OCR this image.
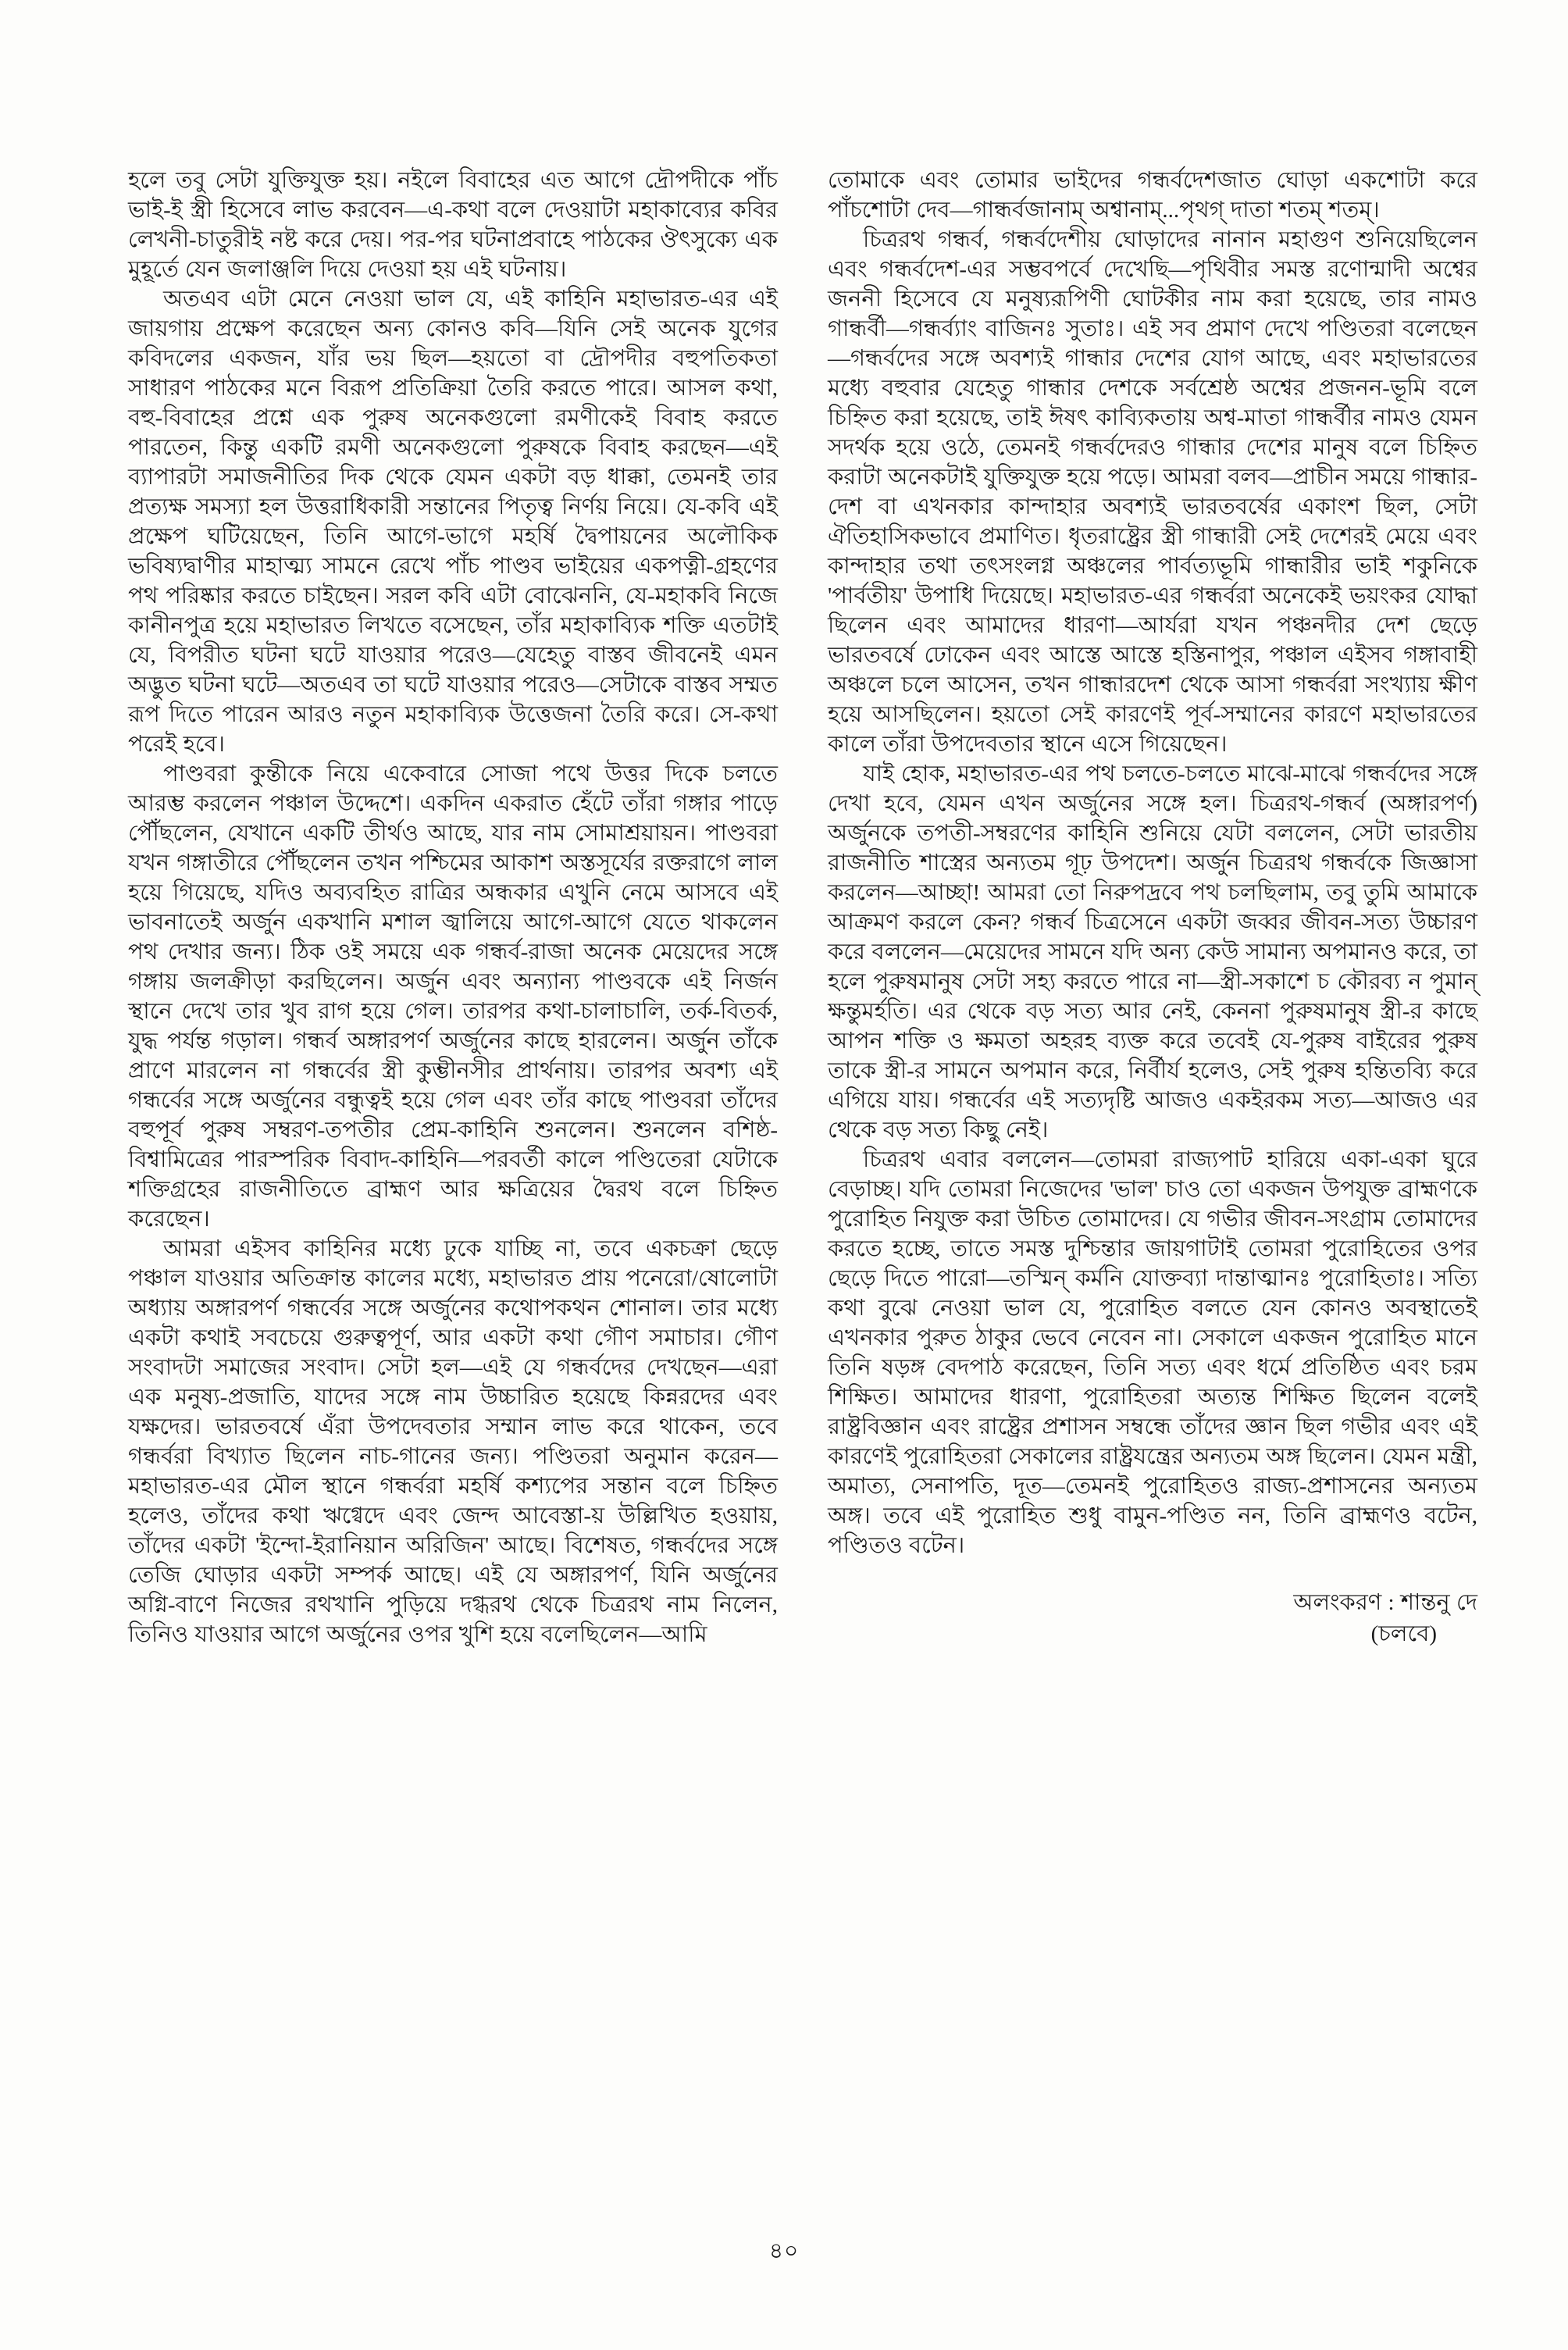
হলে তবু সেটা যুক্তিযুক্ত হয়। নইলে বিবাহের এত আগে দ্রৌপদীকে পাঁচ ভাই-ই স্ত্রী হিসেবে লাভ করবেন—এ-কথা বলে দেওয়াটা মহাকাব্যের কবির লেখনী-চাতুরীই নষ্ট করে দেয়। পর-পর ঘটনাপ্রবাহে পাঠকের ঔৎসুক্যে এক মুহূর্তে যেন জলাঞ্জলি দিয়ে দেওয়া হয় এই ঘটনায়।

অতএব এটা মেনে নেওয়া ভাল যে, এই কাহিনি মহাভারত-এর এই জায়গায় প্রক্ষেপ করেছেন অন্য কোনও কবি—যিনি সেই অনেক যুগের কবিদলের একজন, যাঁর ভয় ছিল—হয়তো বা দ্রৌপদীর বহুপতিকতা সাধারণ পাঠকের মনে বিরূপ প্রতিক্রিয়া তৈরি করতে পারে। আসল কথা, বহু-বিবাহের প্রশ্নে এক পুরুষ অনেকগুলো রমণীকেই বিবাহ করতে পারতেন, কিন্তু একটি রমণী অনেকগুলো পুরুষকে বিবাহ করছেন—এই ব্যাপারটা সমাজনীতির দিক থেকে যেমন একটা বড় ধাক্কা, তেমনই তার প্রত্যক্ষ সমস্যা হল উত্তরাধিকারী সন্তানের পিতৃত্ব নির্ণয় নিয়ে। যে-কবি এই প্রক্ষেপ ঘটিয়েছেন, তিনি আগে-ভাগে মহর্ষি দ্বৈপায়নের অলৌকিক ভবিষ্যদ্বাণীর মাহাত্ম্য সামনে রেখে পাঁচ পাণ্ডব ভাইয়ের একপত্নী-গ্রহণের পথ পরিষ্কার করতে চাইছেন। সরল কবি এটা বোঝেননি, যে-মহাকবি নিজে কানীনপুত্র হয়ে মহাভারত লিখতে বসেছেন, তাঁর মহাকাব্যিক শক্তি এতটাই যে, বিপরীত ঘটনা ঘটে যাওয়ার পরেও—যেহেতু বাস্তব জীবনেই এমন অদ্ভুত ঘটনা ঘটে—অতএব তা ঘটে যাওয়ার পরেও—সেটাকে বাস্তব সম্মত রূপ দিতে পারেন আরও নতুন মহাকাব্যিক উত্তেজনা তৈরি করে। সে-কথা পরেই হবে।

পাণ্ডবরা কুন্তীকে নিয়ে একেবারে সোজা পথে উত্তর দিকে চলতে আরম্ভ করলেন পঞ্চাল উদ্দেশে। একদিন একরাত হেঁটে তাঁরা গঙ্গার পাড়ে পৌঁছলেন, যেখানে একটি তীর্থও আছে, যার নাম সোমাশ্রয়ায়ন। পাণ্ডবরা যখন গঙ্গাতীরে পৌঁছলেন তখন পশ্চিমের আকাশ অস্তসূর্যের রক্তরাগে লাল হয়ে গিয়েছে, যদিও অব্যবহিত রাত্রির অন্ধকার এখুনি নেমে আসবে এই ভাবনাতেই অর্জুন একখানি মশাল জ্বালিয়ে আগে-আগে যেতে থাকলেন পথ দেখার জন্য। ঠিক ওই সময়ে এক গন্ধর্ব-রাজা অনেক মেয়েদের সঙ্গে গঙ্গায় জলক্রীড়া করছিলেন। অর্জুন এবং অন্যান্য পাণ্ডবকে এই নির্জন স্থানে দেখে তার খুব রাগ হয়ে গেল। তারপর কথা-চালাচালি, তর্ক-বিতর্ক, যুদ্ধ পর্যন্ত গড়াল। গন্ধর্ব অঙ্গারপর্ণ অর্জুনের কাছে হারলেন। অর্জুন তাঁকে প্রাণে মারলেন না গন্ধর্বের স্ত্রী কুম্ভীনসীর প্রার্থনায়। তারপর অবশ্য এই গন্ধর্বের সঙ্গে অর্জুনের বন্ধুত্বই হয়ে গেল এবং তাঁর কাছে পাণ্ডবরা তাঁদের বহুপূর্ব পুরুষ সম্বরণ-তপতীর প্রেম-কাহিনি শুনলেন। শুনলেন বশিষ্ঠ-বিশ্বামিত্রের পারস্পরিক বিবাদ-কাহিনি—পরবর্তী কালে পণ্ডিতেরা যেটাকে শক্তিগ্রহের রাজনীতিতে ব্রাহ্মণ আর ক্ষত্রিয়ের দ্বৈরথ বলে চিহ্নিত করেছেন।

আমরা এইসব কাহিনির মধ্যে ঢুকে যাচ্ছি না, তবে একচক্রা ছেড়ে পঞ্চাল যাওয়ার অতিক্রান্ত কালের মধ্যে, মহাভারত প্রায় পনেরো/ষোলোটা অধ্যায় অঙ্গারপর্ণ গন্ধর্বের সঙ্গে অর্জুনের কথোপকথন শোনাল। তার মধ্যে একটা কথাই সবচেয়ে গুরুত্বপূর্ণ, আর একটা কথা গৌণ সমাচার। গৌণ সংবাদটা সমাজের সংবাদ। সেটা হল—এই যে গন্ধর্বদের দেখছেন—এরা এক মনুষ্য-প্রজাতি, যাদের সঙ্গে নাম উচ্চারিত হয়েছে কিন্নরদের এবং যক্ষদের। ভারতবর্ষে এঁরা উপদেবতার সম্মান লাভ করে থাকেন, তবে গন্ধর্বরা বিখ্যাত ছিলেন নাচ-গানের জন্য। পণ্ডিতরা অনুমান করেন—মহাভারত-এর মৌল স্থানে গন্ধর্বরা মহর্ষি কশ্যপের সন্তান বলে চিহ্নিত হলেও, তাঁদের কথা ঋগ্বেদে এবং জেন্দ আবেস্তা-য় উল্লিখিত হওয়ায়, তাঁদের একটা 'ইন্দো-ইরানিয়ান অরিজিন' আছে। বিশেষত, গন্ধর্বদের সঙ্গে তেজি ঘোড়ার একটা সম্পর্ক আছে। এই যে অঙ্গারপর্ণ, যিনি অর্জুনের অগ্নি-বাণে নিজের রথখানি পুড়িয়ে দগ্ধরথ থেকে চিত্ররথ নাম নিলেন, তিনিও যাওয়ার আগে অর্জুনের ওপর খুশি হয়ে বলেছিলেন—আমি

তোমাকে এবং তোমার ভাইদের গন্ধর্বদেশজাত ঘোড়া একশোটা করে পাঁচশোটা দেব—গান্ধর্বজানাম্ অশ্বানাম্...পৃথগ্ দাতা শতম্ শতম্।

চিত্ররথ গন্ধর্ব, গন্ধর্বদেশীয় ঘোড়াদের নানান মহাগুণ শুনিয়েছিলেন এবং গন্ধর্বদেশ-এর সম্ভবপর্বে দেখেছি—পৃথিবীর সমস্ত রণোন্মাদী অশ্বের জননী হিসেবে যে মনুষ্যরূপিণী ঘোটকীর নাম করা হয়েছে, তার নামও গান্ধর্বী—গন্ধর্ব্যাং বাজিনঃ সুতাঃ। এই সব প্রমাণ দেখে পণ্ডিতরা বলেছেন—গন্ধর্বদের সঙ্গে অবশ্যই গান্ধার দেশের যোগ আছে, এবং মহাভারতের মধ্যে বহুবার যেহেতু গান্ধার দেশকে সর্বশ্রেষ্ঠ অশ্বের প্রজনন-ভূমি বলে চিহ্নিত করা হয়েছে, তাই ঈষৎ কাব্যিকতায় অশ্ব-মাতা গান্ধর্বীর নামও যেমন সদর্থক হয়ে ওঠে, তেমনই গন্ধর্বদেরও গান্ধার দেশের মানুষ বলে চিহ্নিত করাটা অনেকটাই যুক্তিযুক্ত হয়ে পড়ে। আমরা বলব—প্রাচীন সময়ে গান্ধার-দেশ বা এখনকার কান্দাহার অবশ্যই ভারতবর্ষের একাংশ ছিল, সেটা ঐতিহাসিকভাবে প্রমাণিত। ধৃতরাষ্ট্রের স্ত্রী গান্ধারী সেই দেশেরই মেয়ে এবং কান্দাহার তথা তৎসংলগ্ন অঞ্চলের পার্বত্যভূমি গান্ধারীর ভাই শকুনিকে 'পার্বতীয়' উপাধি দিয়েছে। মহাভারত-এর গন্ধর্বরা অনেকেই ভয়ংকর যোদ্ধা ছিলেন এবং আমাদের ধারণা—আর্যরা যখন পঞ্চনদীর দেশ ছেড়ে ভারতবর্ষে ঢোকেন এবং আস্তে আস্তে হস্তিনাপুর, পঞ্চাল এইসব গঙ্গাবাহী অঞ্চলে চলে আসেন, তখন গান্ধারদেশ থেকে আসা গন্ধর্বরা সংখ্যায় ক্ষীণ হয়ে আসছিলেন। হয়তো সেই কারণেই পূর্ব-সম্মানের কারণে মহাভারতের কালে তাঁরা উপদেবতার স্থানে এসে গিয়েছেন।

যাই হোক, মহাভারত-এর পথ চলতে-চলতে মাঝে-মাঝে গন্ধর্বদের সঙ্গে দেখা হবে, যেমন এখন অর্জুনের সঙ্গে হল। চিত্ররথ-গন্ধর্ব (অঙ্গারপর্ণ) অর্জুনকে তপতী-সম্বরণের কাহিনি শুনিয়ে যেটা বললেন, সেটা ভারতীয় রাজনীতি শাস্ত্রের অন্যতম গূঢ় উপদেশ। অর্জুন চিত্ররথ গন্ধর্বকে জিজ্ঞাসা করলেন—আচ্ছা! আমরা তো নিরুপদ্রবে পথ চলছিলাম, তবু তুমি আমাকে আক্রমণ করলে কেন? গন্ধর্ব চিত্রসেনে একটা জব্বর জীবন-সত্য উচ্চারণ করে বললেন—মেয়েদের সামনে যদি অন্য কেউ সামান্য অপমানও করে, তা হলে পুরুষমানুষ সেটা সহ্য করতে পারে না—স্ত্রী-সকাশে চ কৌরব্য ন পুমান্ ক্ষন্তুমর্হতি। এর থেকে বড় সত্য আর নেই, কেননা পুরুষমানুষ স্ত্রী-র কাছে আপন শক্তি ও ক্ষমতা অহরহ ব্যক্ত করে তবেই যে-পুরুষ বাইরের পুরুষ তাকে স্ত্রী-র সামনে অপমান করে, নির্বীর্য হলেও, সেই পুরুষ হন্তিতব্যি করে এগিয়ে যায়। গন্ধর্বের এই সত্যদৃষ্টি আজও একইরকম সত্য—আজও এর থেকে বড় সত্য কিছু নেই।

চিত্ররথ এবার বললেন—তোমরা রাজ্যপাট হারিয়ে একা-একা ঘুরে বেড়াচ্ছ। যদি তোমরা নিজেদের 'ভাল' চাও তো একজন উপযুক্ত ব্রাহ্মণকে পুরোহিত নিযুক্ত করা উচিত তোমাদের। যে গভীর জীবন-সংগ্রাম তোমাদের করতে হচ্ছে, তাতে সমস্ত দুশ্চিন্তার জায়গাটাই তোমরা পুরোহিতের ওপর ছেড়ে দিতে পারো—তস্মিন্ কর্মনি যোক্তব্যা দান্তাত্মানঃ পুরোহিতাঃ। সত্যি কথা বুঝে নেওয়া ভাল যে, পুরোহিত বলতে যেন কোনও অবস্থাতেই এখনকার পুরুত ঠাকুর ভেবে নেবেন না। সেকালে একজন পুরোহিত মানে তিনি ষড়ঙ্গ বেদপাঠ করেছেন, তিনি সত্য এবং ধর্মে প্রতিষ্ঠিত এবং চরম শিক্ষিত। আমাদের ধারণা, পুরোহিতরা অত্যন্ত শিক্ষিত ছিলেন বলেই রাষ্ট্রবিজ্ঞান এবং রাষ্ট্রের প্রশাসন সম্বন্ধে তাঁদের জ্ঞান ছিল গভীর এবং এই কারণেই পুরোহিতরা সেকালের রাষ্ট্রযন্ত্রের অন্যতম অঙ্গ ছিলেন। যেমন মন্ত্রী, অমাত্য, সেনাপতি, দূত—তেমনই পুরোহিতও রাজ্য-প্রশাসনের অন্যতম অঙ্গ। তবে এই পুরোহিত শুধু বামুন-পণ্ডিত নন, তিনি ব্রাহ্মণও বটেন, পণ্ডিতও বটেন।

অলংকরণ : শান্তনু দে

(চলবে)

৪০
